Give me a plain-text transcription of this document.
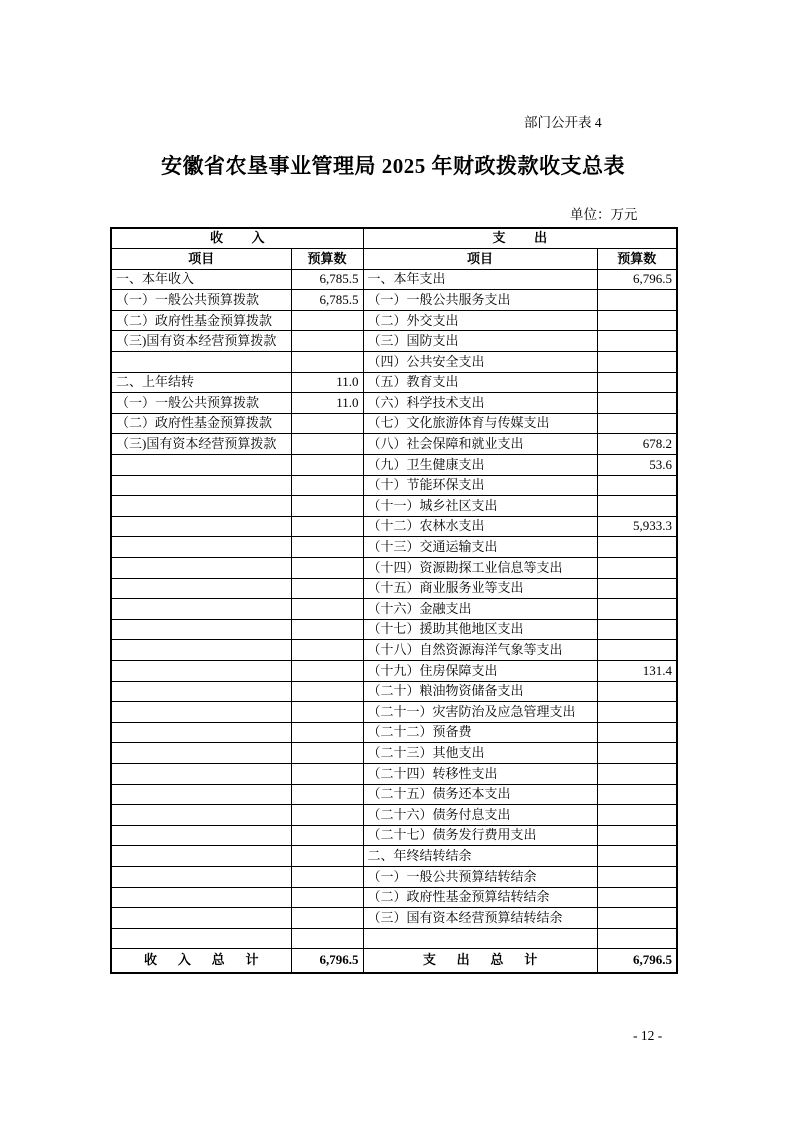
部门公开表 4
安徽省农垦事业管理局 2025 年财政拨款收支总表
单位：万元
收入		支出	
项目	预算数	项目	预算数
一、本年收入	6,785.5	一、本年支出	6,796.5
（一）一般公共预算拨款	6,785.5	（一）一般公共服务支出	
（二）政府性基金预算拨款		（二）外交支出	
（三)国有资本经营预算拨款		（三）国防支出	
		（四）公共安全支出	
二、上年结转	11.0	（五）教育支出	
（一）一般公共预算拨款	11.0	（六）科学技术支出	
（二）政府性基金预算拨款		（七）文化旅游体育与传媒支出	
（三)国有资本经营预算拨款		（八）社会保障和就业支出	678.2
		（九）卫生健康支出	53.6
		（十）节能环保支出	
		（十一）城乡社区支出	
		（十二）农林水支出	5,933.3
		（十三）交通运输支出	
		（十四）资源勘探工业信息等支出	
		（十五）商业服务业等支出	
		（十六）金融支出	
		（十七）援助其他地区支出	
		（十八）自然资源海洋气象等支出	
		（十九）住房保障支出	131.4
		（二十）粮油物资储备支出	
		（二十一）灾害防治及应急管理支出	
		（二十二）预备费	
		（二十三）其他支出	
		（二十四）转移性支出	
		（二十五）债务还本支出	
		（二十六）债务付息支出	
		（二十七）债务发行费用支出	
		二、年终结转结余	
		（一）一般公共预算结转结余	
		（二）政府性基金预算结转结余	
		（三）国有资本经营预算结转结余	

收入总计	6,796.5	支出总计	6,796.5
- 12 -
